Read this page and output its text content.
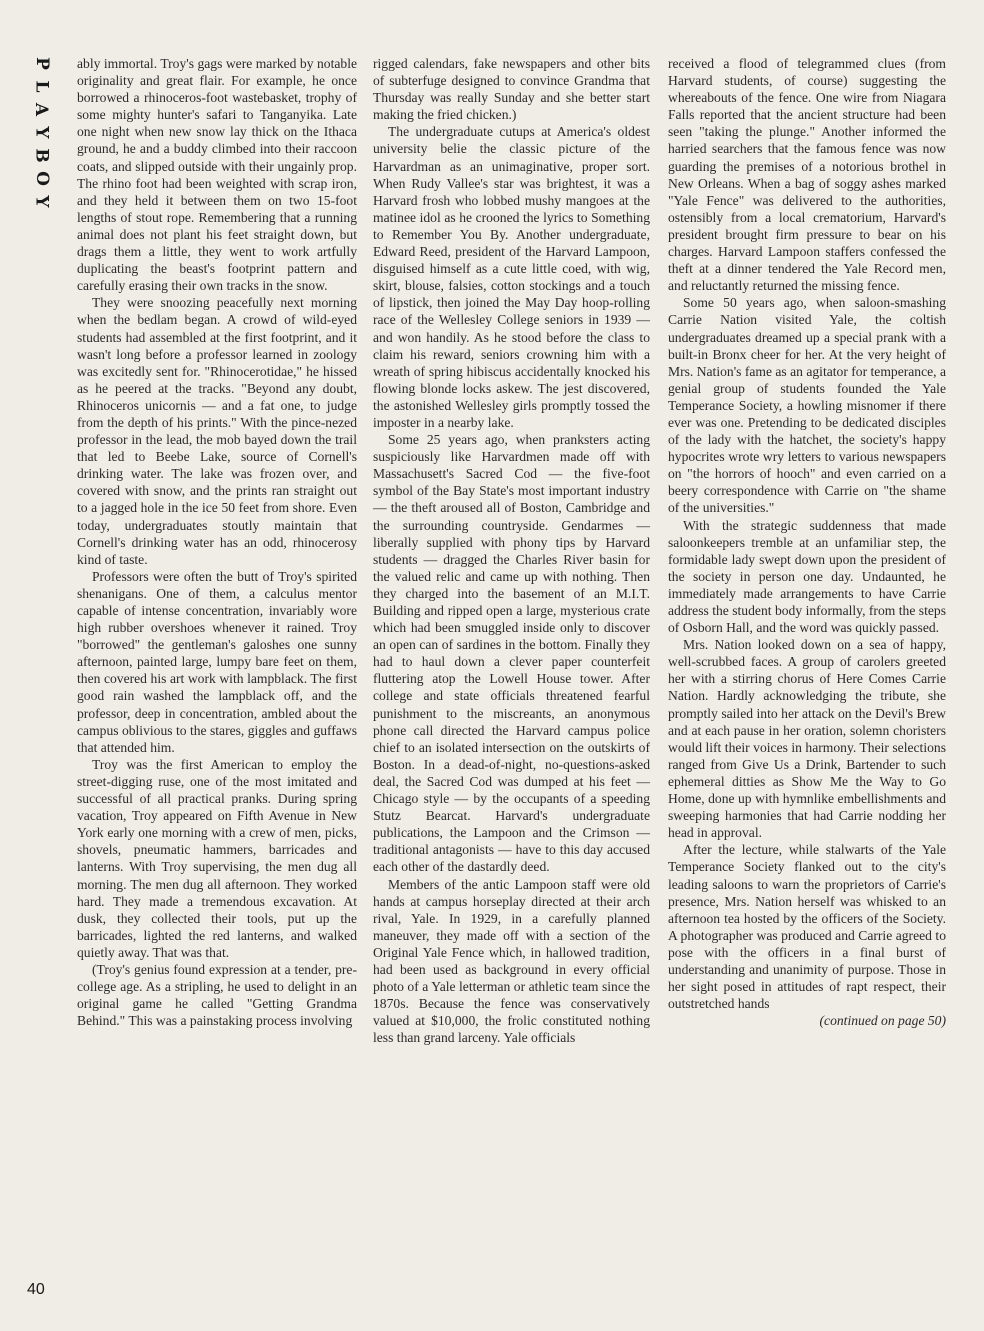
P
L
A
Y
B
O
Y
40

ably immortal. Troy's gags were marked by notable originality and great flair. For example, he once borrowed a rhinoceros-foot wastebasket, trophy of some mighty hunter's safari to Tanganyika. Late one night when new snow lay thick on the Ithaca ground, he and a buddy climbed into their raccoon coats, and slipped outside with their ungainly prop. The rhino foot had been weighted with scrap iron, and they held it between them on two 15-foot lengths of stout rope. Remembering that a running animal does not plant his feet straight down, but drags them a little, they went to work artfully duplicating the beast's footprint pattern and carefully erasing their own tracks in the snow.

They were snoozing peacefully next morning when the bedlam began. A crowd of wild-eyed students had assembled at the first footprint, and it wasn't long before a professor learned in zoology was excitedly sent for. "Rhinocerotidae," he hissed as he peered at the tracks. "Beyond any doubt, Rhinoceros unicornis — and a fat one, to judge from the depth of his prints." With the pince-nezed professor in the lead, the mob bayed down the trail that led to Beebe Lake, source of Cornell's drinking water. The lake was frozen over, and covered with snow, and the prints ran straight out to a jagged hole in the ice 50 feet from shore. Even today, undergraduates stoutly maintain that Cornell's drinking water has an odd, rhinocerosy kind of taste.

Professors were often the butt of Troy's spirited shenanigans. One of them, a calculus mentor capable of intense concentration, invariably wore high rubber overshoes whenever it rained. Troy "borrowed" the gentleman's galoshes one sunny afternoon, painted large, lumpy bare feet on them, then covered his art work with lampblack. The first good rain washed the lampblack off, and the professor, deep in concentration, ambled about the campus oblivious to the stares, giggles and guffaws that attended him.

Troy was the first American to employ the street-digging ruse, one of the most imitated and successful of all practical pranks. During spring vacation, Troy appeared on Fifth Avenue in New York early one morning with a crew of men, picks, shovels, pneumatic hammers, barricades and lanterns. With Troy supervising, the men dug all morning. The men dug all afternoon. They worked hard. They made a tremendous excavation. At dusk, they collected their tools, put up the barricades, lighted the red lanterns, and walked quietly away. That was that.

(Troy's genius found expression at a tender, pre-college age. As a stripling, he used to delight in an original game he called "Getting Grandma Behind." This was a painstaking process involving

rigged calendars, fake newspapers and other bits of subterfuge designed to convince Grandma that Thursday was really Sunday and she better start making the fried chicken.)

The undergraduate cutups at America's oldest university belie the classic picture of the Harvardman as an unimaginative, proper sort. When Rudy Vallee's star was brightest, it was a Harvard frosh who lobbed mushy mangoes at the matinee idol as he crooned the lyrics to Something to Remember You By. Another undergraduate, Edward Reed, president of the Harvard Lampoon, disguised himself as a cute little coed, with wig, skirt, blouse, falsies, cotton stockings and a touch of lipstick, then joined the May Day hoop-rolling race of the Wellesley College seniors in 1939 — and won handily. As he stood before the class to claim his reward, seniors crowning him with a wreath of spring hibiscus accidentally knocked his flowing blonde locks askew. The jest discovered, the astonished Wellesley girls promptly tossed the imposter in a nearby lake.

Some 25 years ago, when pranksters acting suspiciously like Harvardmen made off with Massachusett's Sacred Cod — the five-foot symbol of the Bay State's most important industry — the theft aroused all of Boston, Cambridge and the surrounding countryside. Gendarmes — liberally supplied with phony tips by Harvard students — dragged the Charles River basin for the valued relic and came up with nothing. Then they charged into the basement of an M.I.T. Building and ripped open a large, mysterious crate which had been smuggled inside only to discover an open can of sardines in the bottom. Finally they had to haul down a clever paper counterfeit fluttering atop the Lowell House tower. After college and state officials threatened fearful punishment to the miscreants, an anonymous phone call directed the Harvard campus police chief to an isolated intersection on the outskirts of Boston. In a dead-of-night, no-questions-asked deal, the Sacred Cod was dumped at his feet — Chicago style — by the occupants of a speeding Stutz Bearcat. Harvard's undergraduate publications, the Lampoon and the Crimson — traditional antagonists — have to this day accused each other of the dastardly deed.

Members of the antic Lampoon staff were old hands at campus horseplay directed at their arch rival, Yale. In 1929, in a carefully planned maneuver, they made off with a section of the Original Yale Fence which, in hallowed tradition, had been used as background in every official photo of a Yale letterman or athletic team since the 1870s. Because the fence was conservatively valued at $10,000, the frolic constituted nothing less than grand larceny. Yale officials

received a flood of telegrammed clues (from Harvard students, of course) suggesting the whereabouts of the fence. One wire from Niagara Falls reported that the ancient structure had been seen "taking the plunge." Another informed the harried searchers that the famous fence was now guarding the premises of a notorious brothel in New Orleans. When a bag of soggy ashes marked "Yale Fence" was delivered to the authorities, ostensibly from a local crematorium, Harvard's president brought firm pressure to bear on his charges. Harvard Lampoon staffers confessed the theft at a dinner tendered the Yale Record men, and reluctantly returned the missing fence.

Some 50 years ago, when saloon-smashing Carrie Nation visited Yale, the coltish undergraduates dreamed up a special prank with a built-in Bronx cheer for her. At the very height of Mrs. Nation's fame as an agitator for temperance, a genial group of students founded the Yale Temperance Society, a howling misnomer if there ever was one. Pretending to be dedicated disciples of the lady with the hatchet, the society's happy hypocrites wrote wry letters to various newspapers on "the horrors of hooch" and even carried on a beery correspondence with Carrie on "the shame of the universities."

With the strategic suddenness that made saloonkeepers tremble at an unfamiliar step, the formidable lady swept down upon the president of the society in person one day. Undaunted, he immediately made arrangements to have Carrie address the student body informally, from the steps of Osborn Hall, and the word was quickly passed.

Mrs. Nation looked down on a sea of happy, well-scrubbed faces. A group of carolers greeted her with a stirring chorus of Here Comes Carrie Nation. Hardly acknowledging the tribute, she promptly sailed into her attack on the Devil's Brew and at each pause in her oration, solemn choristers would lift their voices in harmony. Their selections ranged from Give Us a Drink, Bartender to such ephemeral ditties as Show Me the Way to Go Home, done up with hymnlike embellishments and sweeping harmonies that had Carrie nodding her head in approval.

After the lecture, while stalwarts of the Yale Temperance Society flanked out to the city's leading saloons to warn the proprietors of Carrie's presence, Mrs. Nation herself was whisked to an afternoon tea hosted by the officers of the Society. A photographer was produced and Carrie agreed to pose with the officers in a final burst of understanding and unanimity of purpose. Those in her sight posed in attitudes of rapt respect, their outstretched hands

(continued on page 50)
